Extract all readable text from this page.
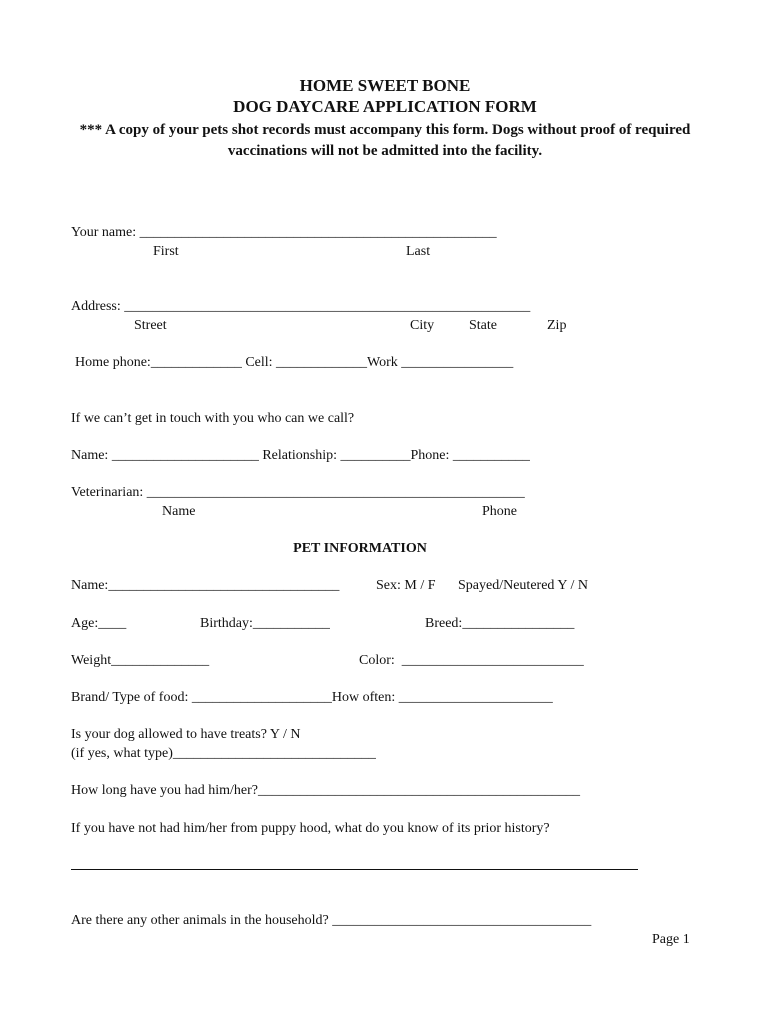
HOME SWEET BONE
DOG DAYCARE APPLICATION FORM
*** A copy of your pets shot records must accompany this form. Dogs without proof of required vaccinations will not be admitted into the facility.
Your name: ___________________________________________________
First	Last
Address: __________________________________________________________
Street	City State	Zip
Home phone:_____________ Cell: _____________Work ________________
If we can’t get in touch with you who can we call?
Name: _____________________ Relationship: __________Phone: ___________
Veterinarian: ______________________________________________________
Name	Phone
PET INFORMATION
Name:_________________________________	Sex: M / F Spayed/Neutered Y / N
Age:____	Birthday:___________	Breed:________________
Weight______________	Color:  __________________________
Brand/ Type of food: ____________________How often: ______________________
Is your dog allowed to have treats? Y / N
(if yes, what type)_____________________________
How long have you had him/her?______________________________________________
If you have not had him/her from puppy hood, what do you know of its prior history?
Are there any other animals in the household? _____________________________________
Page 1
